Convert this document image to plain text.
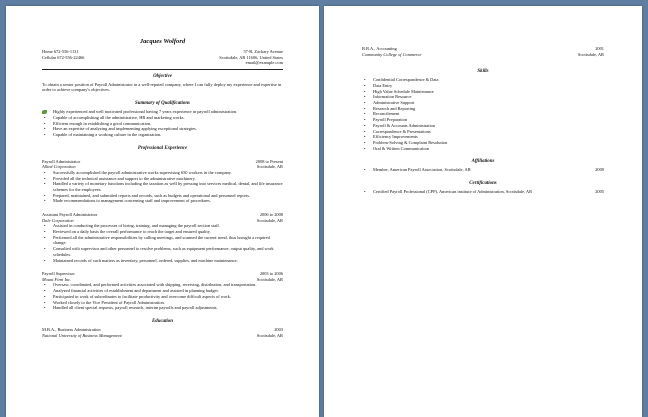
Jacques Wolford
Home 672-556-1131
Cellular 672-556-22466
57-B, Zachary Avenue
Scottsdale, AR 11606, United States
email@example.com
Objective
To obtain a senior position of Payroll Administrator in a well-reputed company, where I can fully deploy my experience and expertise in order to achieve company's objectives.
Summary of Qualifications
Highly experienced and well motivated professional having 7 years experience in payroll administration.
• Capable of accomplishing all the administrative, HR and marketing works.
• Efficient enough in establishing a good communication.
• Have an expertise of analyzing and implementing applying exceptional strategies.
• Capable of maintaining a working culture in the organization.
Professional Experience
Payroll Administrator	2008 to Present
Allied Corporation	Scottsdale, AR
• Successfully accomplished the payroll administrative works supervising 650 workers in the company.
• Provided all the technical assistance and support to the administrative machinery.
• Handled a variety of monetary functions including the taxation as well by pressing into services medical, dental, and life insurance schemes for the employees.
• Prepared, maintained, and submitted reports and records, such as budgets and operational and personnel reports.
• Made recommendations to management concerning staff and improvement of procedures.
Assistant Payroll Administrator	2006 to 2008
Dale Corporation	Scottsdale, AR
• Assisted in conducting the processes of hiring, training, and managing the payroll section staff.
• Reviewed on a daily basis the overall performance to reach the target and ensured quality.
• Performed all the administrative responsibilities by calling meetings, and scanned the current trend, thus brought a required change.
• Consulted with supervisor and other personnel to resolve problems, such as equipment performance, output quality, and work schedules.
• Maintained records of such matters as inventory, personnel, ordered, supplies, and machine maintenance.
Payroll Supervisor	2003 to 2006
Mount Firm Inc.	Scottsdale, AR
• Oversaw, coordinated, and performed activities associated with shipping, receiving, distribution, and transportation.
• Analyzed financial activities of establishment and department and assisted in planning budget.
• Participated in work of subordinates to facilitate productivity and overcome difficult aspects of work.
• Worked closely to the Vice President of Payroll Administration.
• Handled all client special requests, payroll research, interim payrolls and payroll adjustments.
Education
M.B.A., Business Administration	2003
National University of Business Management	Scottsdale, AR
B.B.A., Accounting	2001
Community College of Commerce	Scottsdale, AR
Skills
• Confidential Correspondence & Data
• Data Entry
• High Value Schedule Maintenance
• Information Resource
• Administrative Support
• Research and Reporting
• Reconcilement
• Payroll Preparation
• Payroll & Accounts Administration
• Correspondence & Presentations
• Efficiency Improvements
• Problem-Solving & Complaint Resolution
• Oral & Written Communication
Affiliations
• Member, American Payroll Association, Scottsdale, AR	2009
Certifications
• Certified Payroll Professional (CPP), American institute of Administration, Scottsdale, AR	2005
